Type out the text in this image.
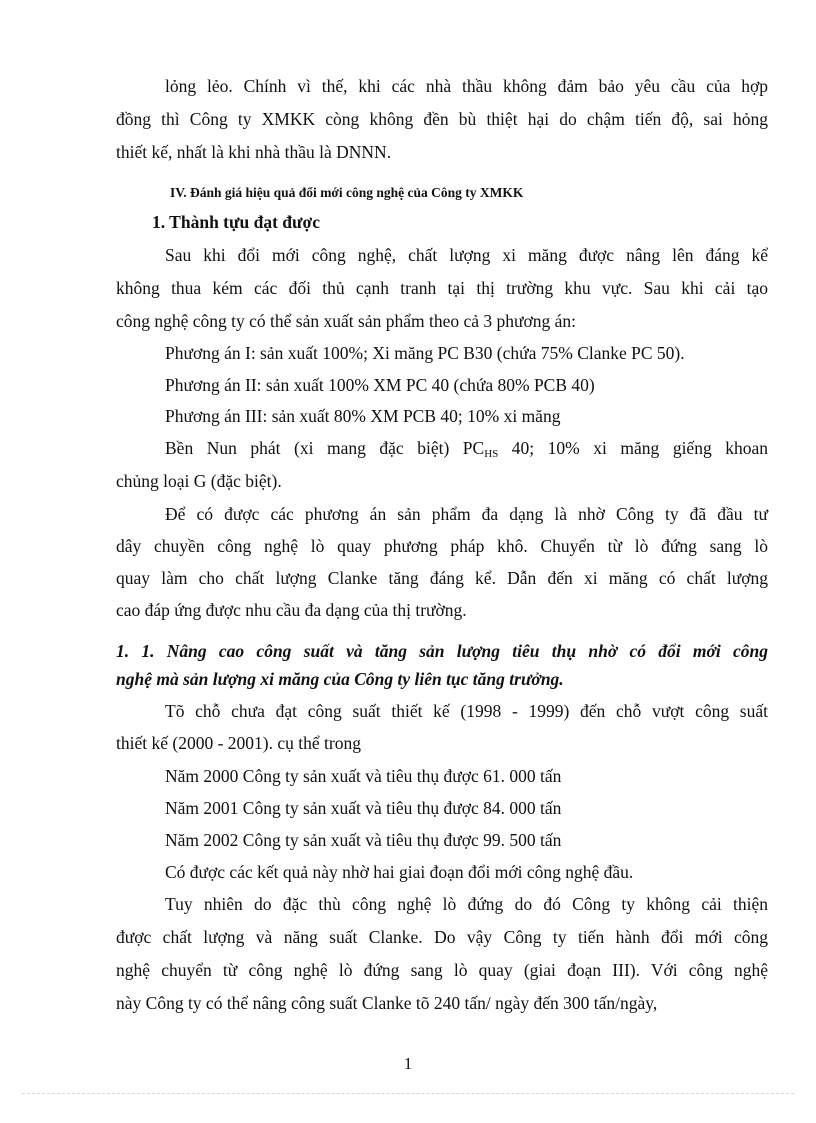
lỏng lẻo. Chính vì thế, khi các nhà thầu không đảm bảo yêu cầu của hợp
đồng thì Công ty XMKK còng không đền bù thiệt hại do chậm tiến độ, sai hỏng
thiết kế, nhất là khi nhà thầu là DNNN.
IV. Đánh giá hiệu quả đổi mới công nghệ của Công ty XMKK
1. Thành tựu đạt được
Sau khi đổi mới công nghệ, chất lượng xi măng được nâng lên đáng kể
không thua kém các đối thủ cạnh tranh tại thị trường khu vực. Sau khi cải tạo
công nghệ công ty có thể sản xuất sản phẩm theo cả 3 phương án:
Phương án I: sản xuất 100%; Xi măng PC B30 (chứa 75% Clanke PC 50).
Phương án II: sản xuất 100% XM PC 40 (chứa 80% PCB 40)
Phương án III: sản xuất 80% XM PCB 40; 10% xi măng
Bền Nun phát (xi mang đặc biệt) $PC_{HS}$ 40; 10% xi măng giếng khoan
chủng loại G (đặc biệt).
Để có được các phương án sản phẩm đa dạng là nhờ Công ty đã đầu tư
dây chuyền công nghệ lò quay phương pháp khô. Chuyển từ lò đứng sang lò
quay làm cho chất lượng Clanke tăng đáng kể. Dẫn đến xi măng có chất lượng
cao đáp ứng được nhu cầu đa dạng của thị trường.
1. 1. Nâng cao công suất và tăng sản lượng tiêu thụ nhờ có đổi mới công
nghệ mà sản lượng xi măng của Công ty liên tục tăng trưởng.
Tõ chỗ chưa đạt công suất thiết kế (1998 - 1999) đến chỗ vượt công suất
thiết kế (2000 - 2001). cụ thể trong
Năm 2000 Công ty sản xuất và tiêu thụ được 61. 000 tấn
Năm 2001 Công ty sản xuất và tiêu thụ được 84. 000 tấn
Năm 2002 Công ty sản xuất và tiêu thụ được 99. 500 tấn
Có được các kết quả này nhờ hai giai đoạn đổi mới công nghệ đầu.
Tuy nhiên do đặc thù công nghệ lò đứng do đó Công ty không cải thiện
được chất lượng và năng suất Clanke. Do vậy Công ty tiến hành đổi mới công
nghệ chuyển từ công nghệ lò đứng sang lò quay (giai đoạn III). Với công nghệ
này Công ty có thể nâng công suất Clanke tõ 240 tấn/ ngày đến 300 tấn/ngày,
1
